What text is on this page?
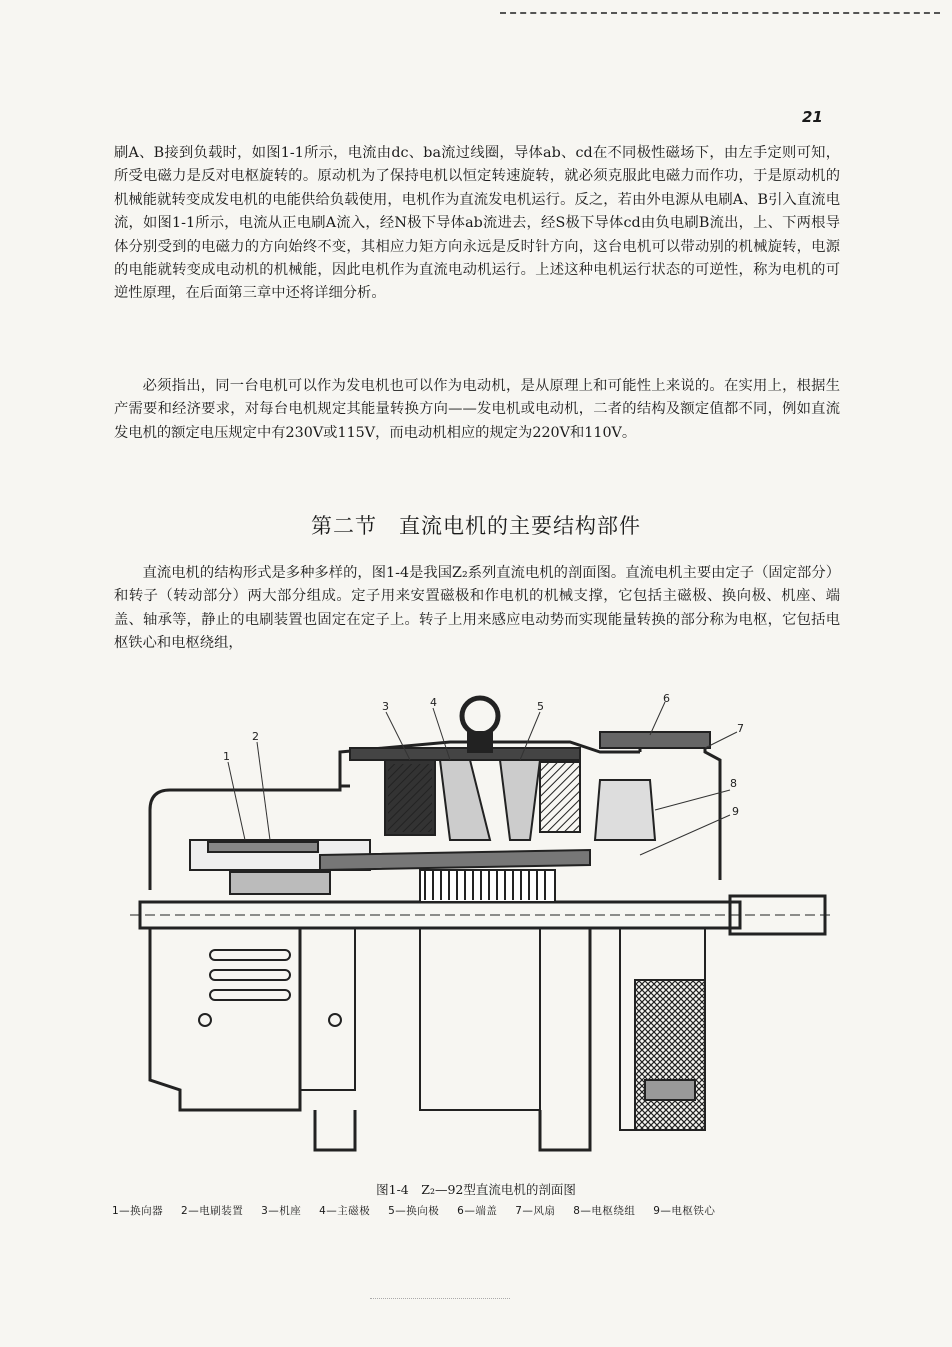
21

刷A、B接到负载时，如图1-1所示，电流由dc、ba流过线圈，导体ab、cd在不同极性磁场下，由左手定则可知，所受电磁力是反对电枢旋转的。原动机为了保持电机以恒定转速旋转，就必须克服此电磁力而作功，于是原动机的机械能就转变成发电机的电能供给负载使用，电机作为直流发电机运行。反之，若由外电源从电刷A、B引入直流电流，如图1-1所示，电流从正电刷A流入，经N极下导体ab流进去，经S极下导体cd由负电刷B流出，上、下两根导体分别受到的电磁力的方向始终不变，其相应力矩方向永远是反时针方向，这台电机可以带动别的机械旋转，电源的电能就转变成电动机的机械能，因此电机作为直流电动机运行。上述这种电机运行状态的可逆性，称为电机的可逆性原理，在后面第三章中还将详细分析。

必须指出，同一台电机可以作为发电机也可以作为电动机，是从原理上和可能性上来说的。在实用上，根据生产需要和经济要求，对每台电机规定其能量转换方向——发电机或电动机，二者的结构及额定值都不同，例如直流发电机的额定电压规定中有230V或115V，而电动机相应的规定为220V和110V。

第二节　直流电机的主要结构部件

直流电机的结构形式是多种多样的，图1-4是我国Z₂系列直流电机的剖面图。直流电机主要由定子（固定部分）和转子（转动部分）两大部分组成。定子用来安置磁极和作电机的机械支撑，它包括主磁极、换向极、机座、端盖、轴承等，静止的电刷装置也固定在定子上。转子上用来感应电动势而实现能量转换的部分称为电枢，它包括电枢铁心和电枢绕组，

1
2
3	4	5
6
7
8
9
图1-4　Z₂—92型直流电机的剖面图
1—换向器 2—电刷装置 3—机座 4—主磁极 5—换向极 6—端盖 7—风扇 8—电枢绕组 9—电枢铁心
